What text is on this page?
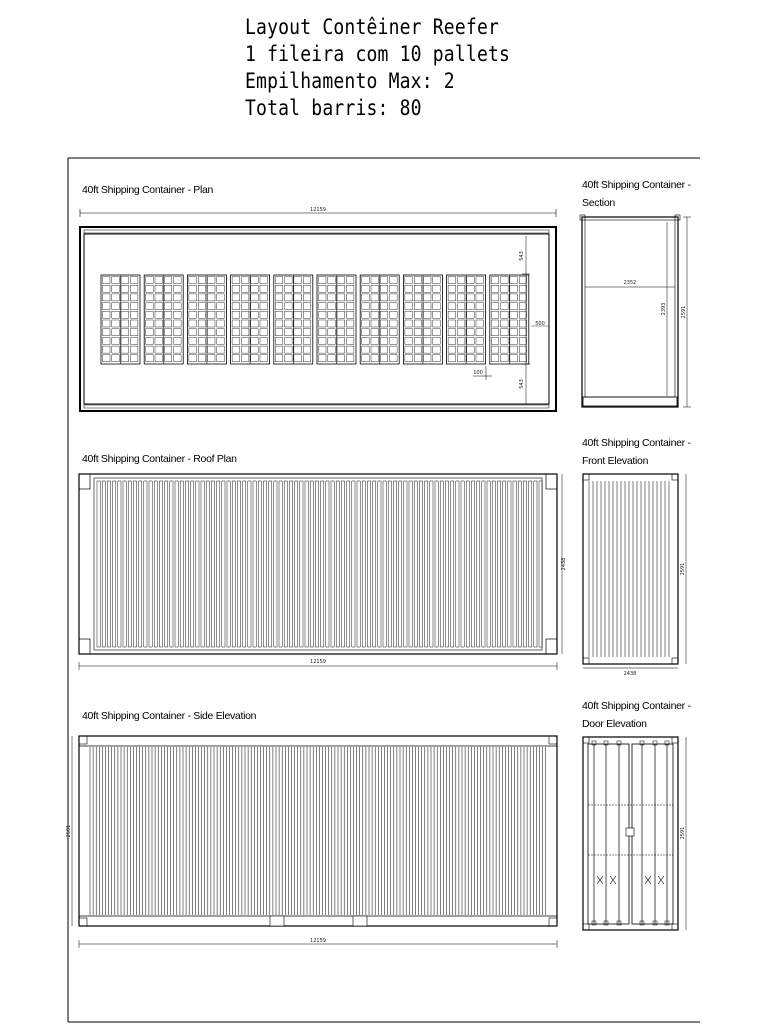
Layout Contêiner Reefer
1 fileira com 10 pallets
Empilhamento Max: 2
Total barris: 80
12159
543
500
543
100
2352
2393	2591
2438
12159
2438
2591
2591
12159
2591
40ft Shipping Container - Plan	40ft Shipping Container -
Section
40ft Shipping Container - Roof Plan
40ft Shipping Container -
Front Elevation
40ft Shipping Container - Side Elevation
40ft Shipping Container -
Door Elevation
